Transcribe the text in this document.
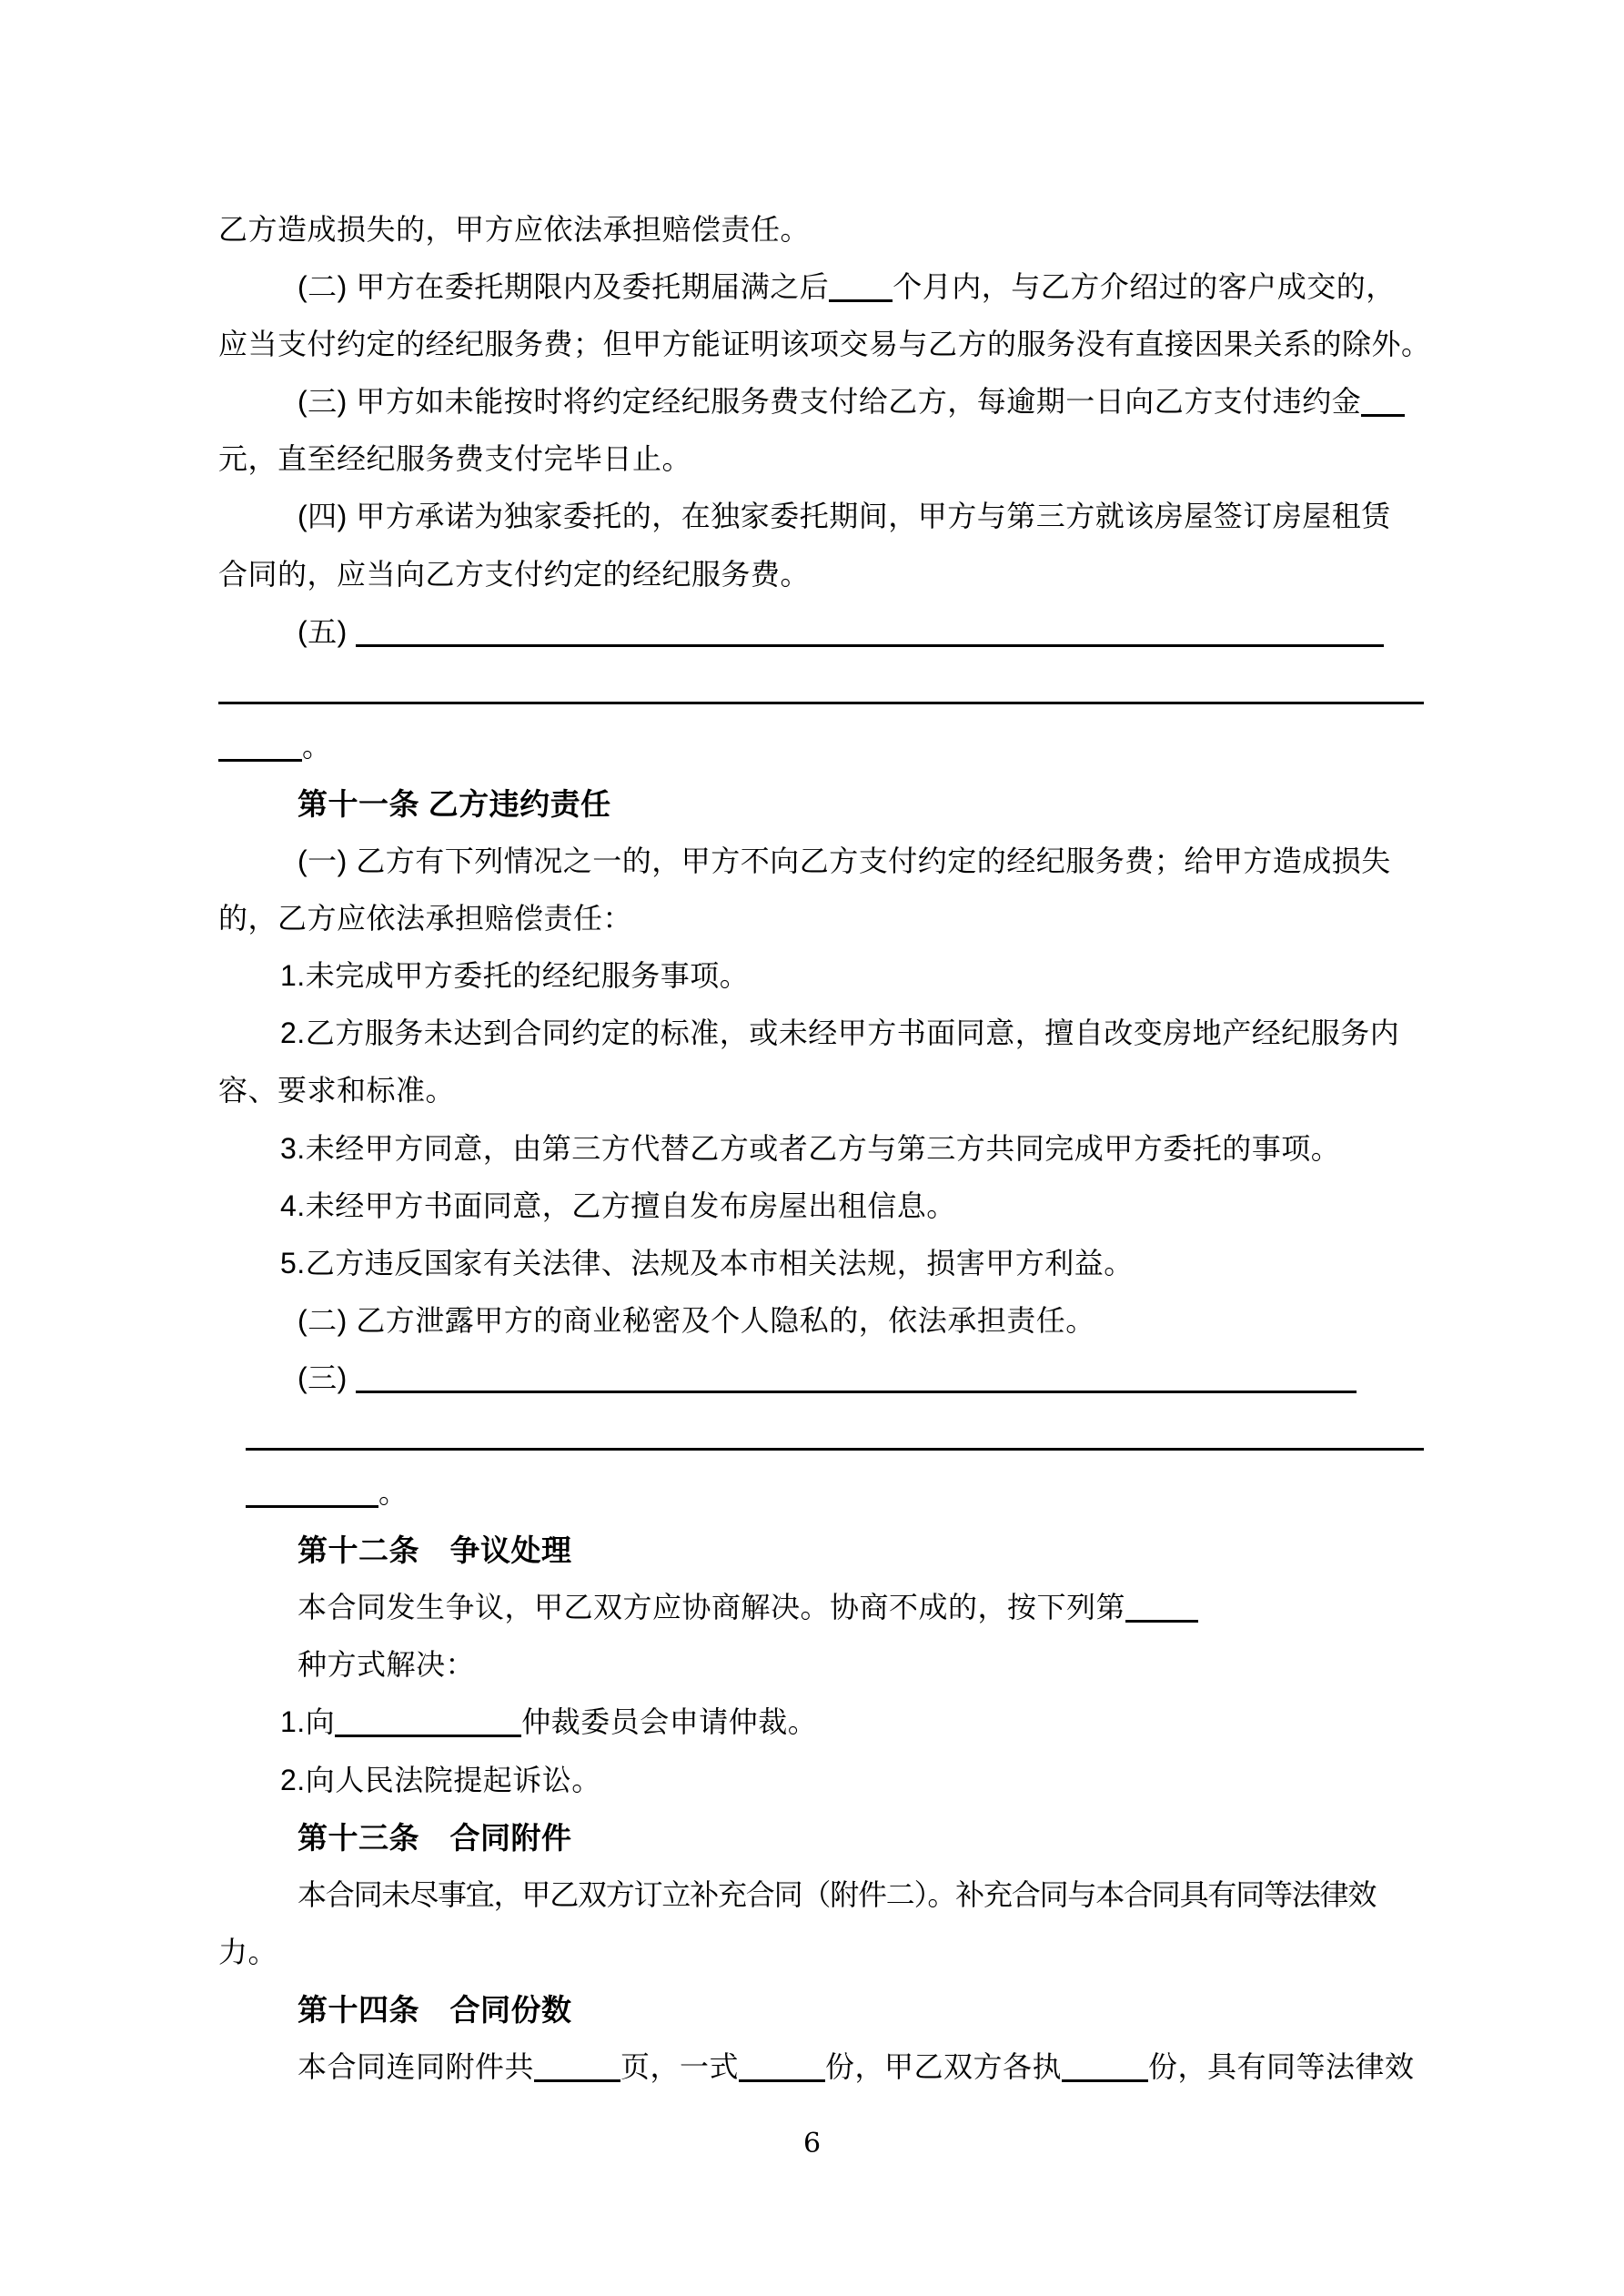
乙方造成损失的，甲方应依法承担赔偿责任。
(二) 甲方在委托期限内及委托期届满之后 个月内，与乙方介绍过的客户成交的，
应当支付约定的经纪服务费；但甲方能证明该项交易与乙方的服务没有直接因果关系的除外。
(三) 甲方如未能按时将约定经纪服务费支付给乙方，每逾期一日向乙方支付违约金
元，直至经纪服务费支付完毕日止。
(四) 甲方承诺为独家委托的，在独家委托期间，甲方与第三方就该房屋签订房屋租赁
合同的，应当向乙方支付约定的经纪服务费。
(五)
。
第十一条 乙方违约责任
(一) 乙方有下列情况之一的，甲方不向乙方支付约定的经纪服务费；给甲方造成损失
的，乙方应依法承担赔偿责任：
1.未完成甲方委托的经纪服务事项。
2.乙方服务未达到合同约定的标准，或未经甲方书面同意，擅自改变房地产经纪服务内
容、要求和标准。
3.未经甲方同意，由第三方代替乙方或者乙方与第三方共同完成甲方委托的事项。
4.未经甲方书面同意，乙方擅自发布房屋出租信息。
5.乙方违反国家有关法律、法规及本市相关法规，损害甲方利益。
(二) 乙方泄露甲方的商业秘密及个人隐私的，依法承担责任。
(三)
。
第十二条　争议处理
本合同发生争议，甲乙双方应协商解决。协商不成的，按下列第
种方式解决：
1.向	仲裁委员会申请仲裁。
2.向人民法院提起诉讼。
第十三条　合同附件
本合同未尽事宜，甲乙双方订立补充合同（附件二）。补充合同与本合同具有同等法律效
力。
第十四条　合同份数
本合同连同附件共	页，一式	份，甲乙双方各执	份，具有同等法律效
6
